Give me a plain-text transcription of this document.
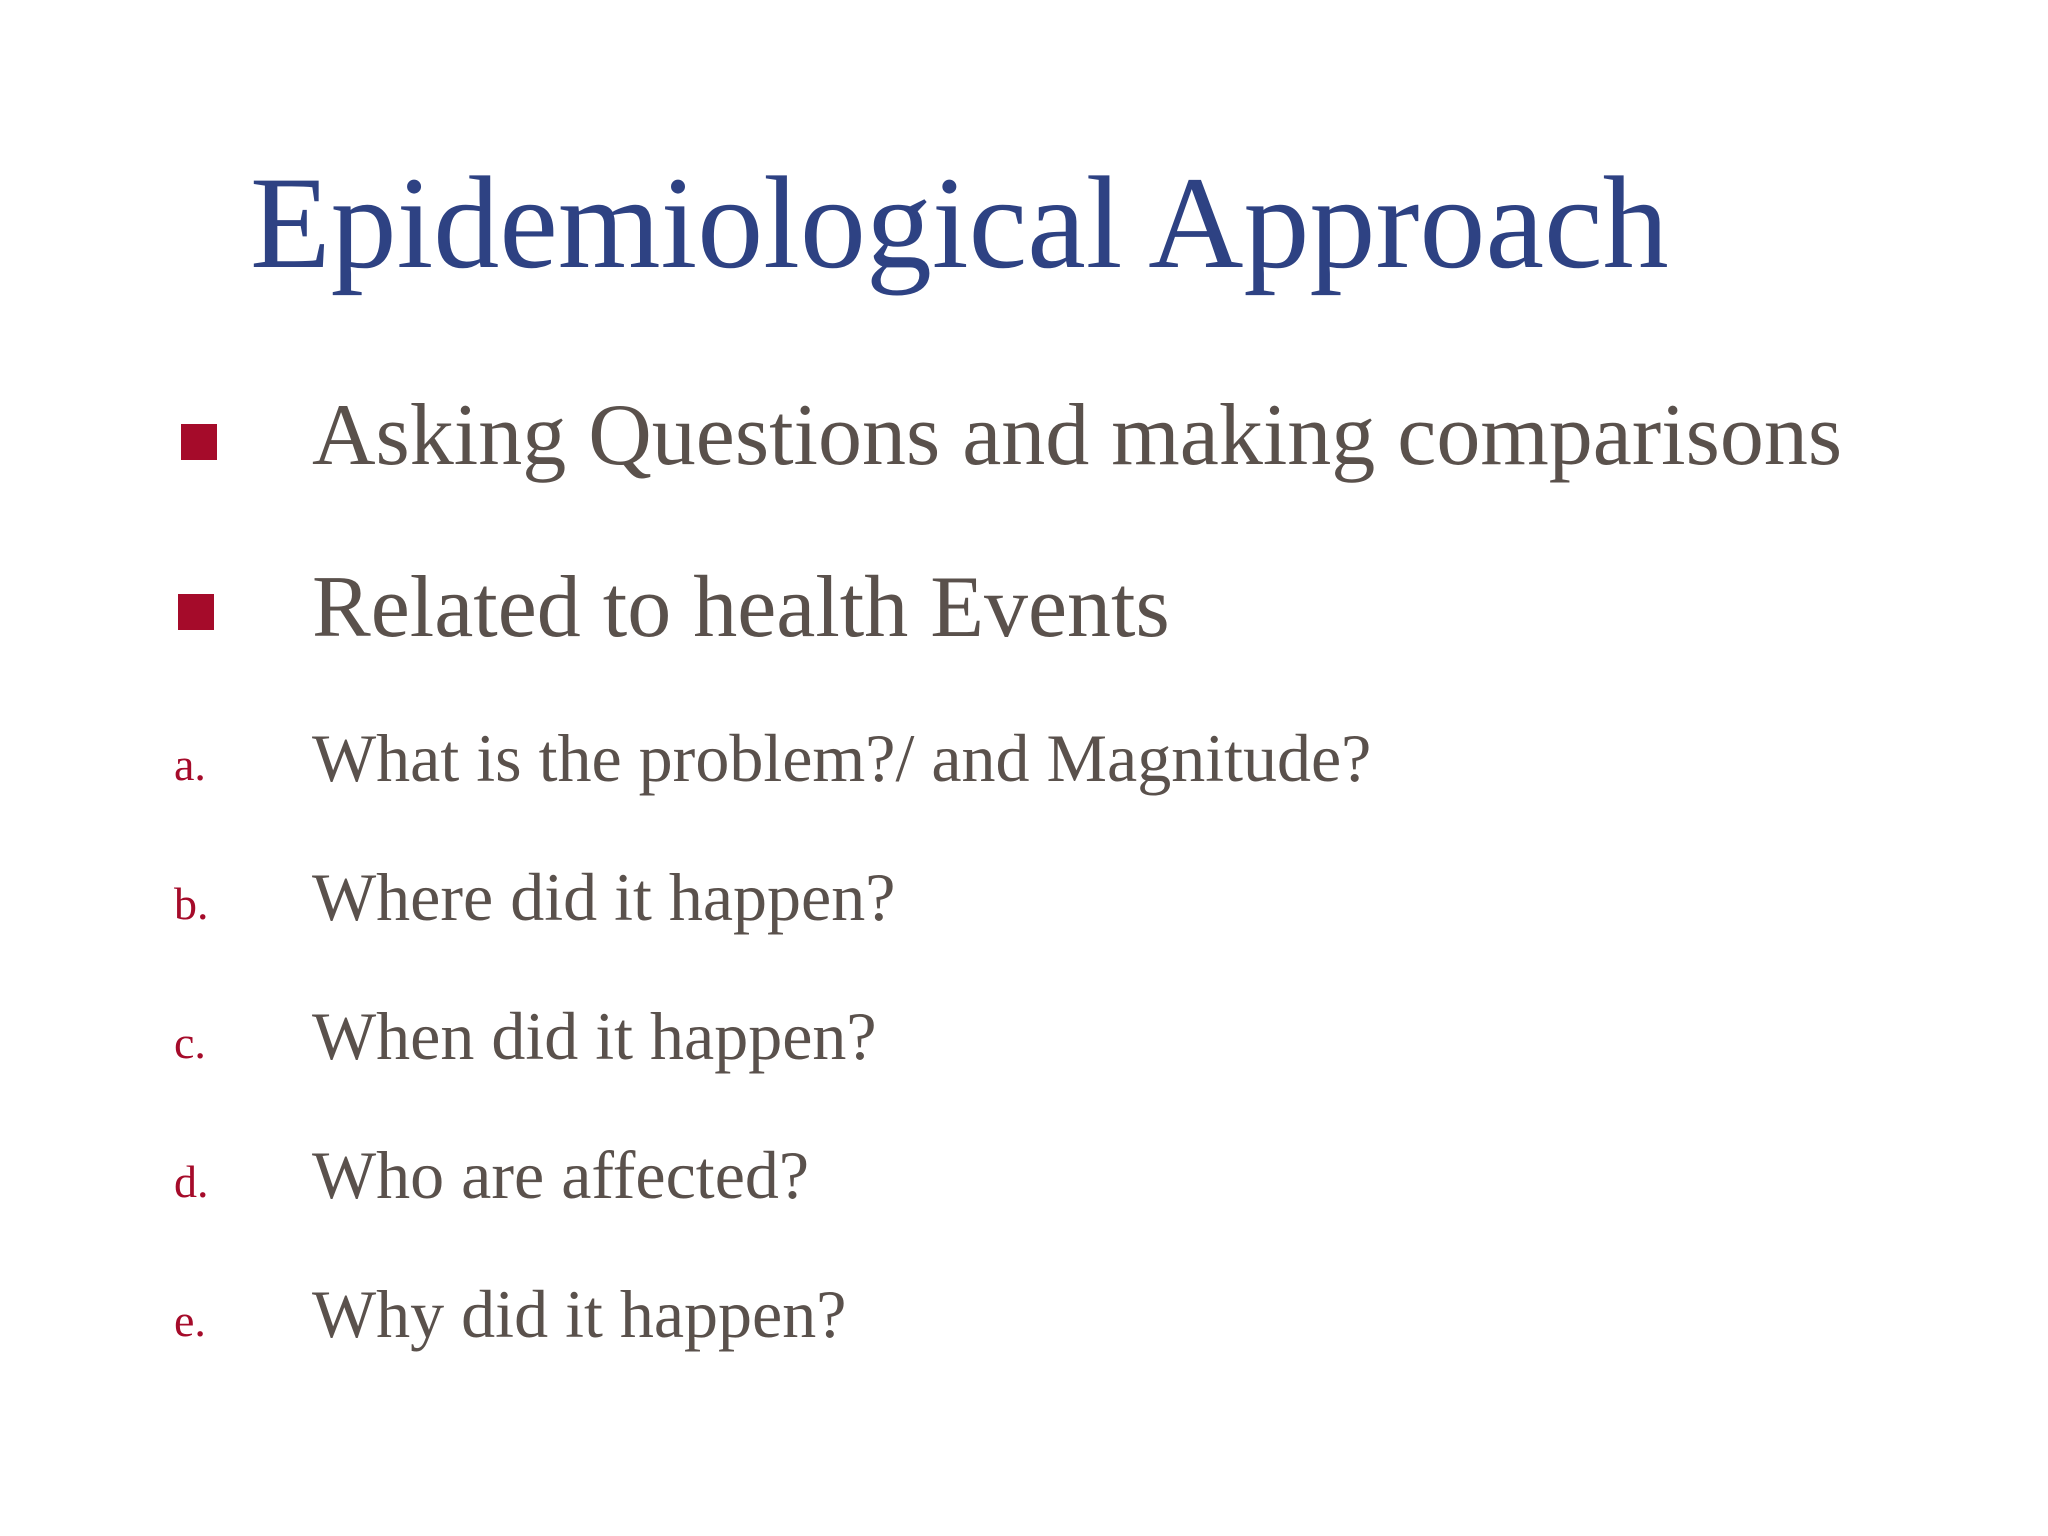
Epidemiological Approach
Asking Questions and making comparisons
Related to health Events
a. What is the problem?/ and Magnitude?
b. Where did it happen?
c. When did it happen?
d. Who are affected?
e. Why did it happen?
